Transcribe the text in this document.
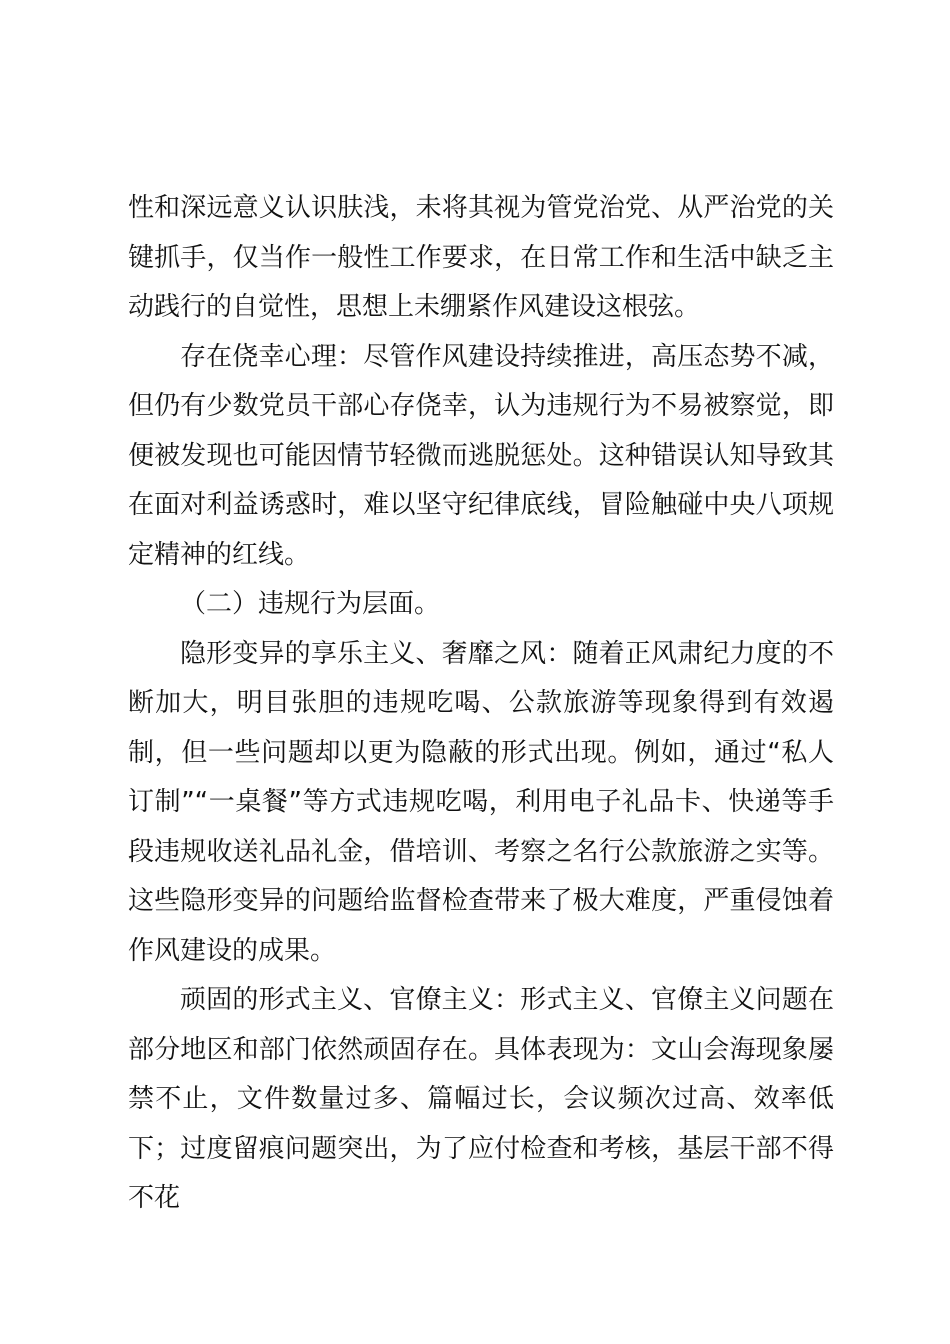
性和深远意义认识肤浅，未将其视为管党治党、从严治党的关键抓手，仅当作一般性工作要求，在日常工作和生活中缺乏主动践行的自觉性，思想上未绷紧作风建设这根弦。

存在侥幸心理：尽管作风建设持续推进，高压态势不减，但仍有少数党员干部心存侥幸，认为违规行为不易被察觉，即便被发现也可能因情节轻微而逃脱惩处。这种错误认知导致其在面对利益诱惑时，难以坚守纪律底线，冒险触碰中央八项规定精神的红线。

（二）违规行为层面。

隐形变异的享乐主义、奢靡之风：随着正风肃纪力度的不断加大，明目张胆的违规吃喝、公款旅游等现象得到有效遏制，但一些问题却以更为隐蔽的形式出现。例如，通过“私人订制”“一桌餐”等方式违规吃喝，利用电子礼品卡、快递等手段违规收送礼品礼金，借培训、考察之名行公款旅游之实等。这些隐形变异的问题给监督检查带来了极大难度，严重侵蚀着作风建设的成果。

顽固的形式主义、官僚主义：形式主义、官僚主义问题在部分地区和部门依然顽固存在。具体表现为：文山会海现象屡禁不止，文件数量过多、篇幅过长，会议频次过高、效率低下；过度留痕问题突出，为了应付检查和考核，基层干部不得不花
